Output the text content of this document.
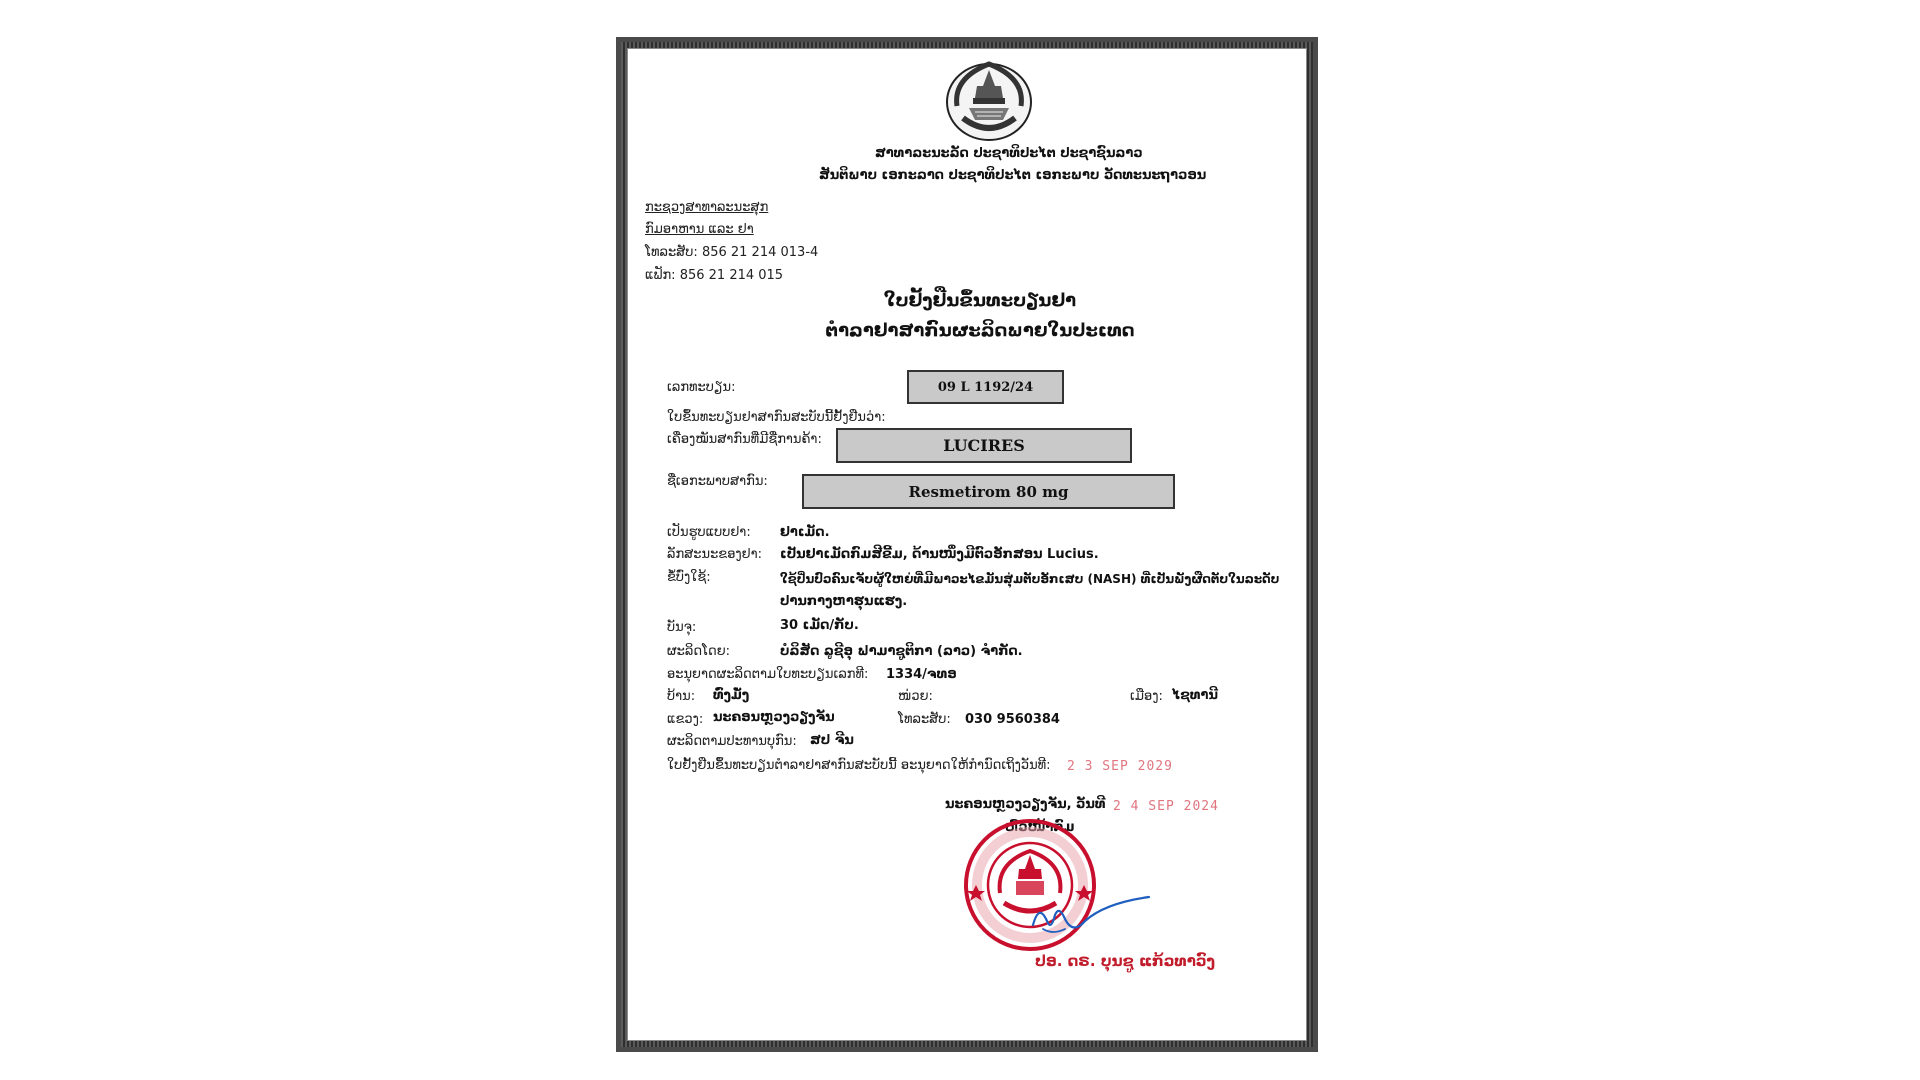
ສາທາລະນະລັດ ປະຊາທິປະໄຕ ປະຊາຊົນລາວ
ສັນຕິພາບ ເອກະລາດ ປະຊາທິປະໄຕ ເອກະພາບ ວັດທະນະຖາວອນ
ກະຊວງສາທາລະນະສຸກ
ກົມອາຫານ ແລະ ຢາ
ໂທລະສັບ: 856 21 214 013-4
ແຟັກ: 856 21 214 015
ໃບຢັ້ງຢືນຂຶ້ນທະບຽນຢາ
ຕຳລາຢາສາກົນຜະລິດພາຍໃນປະເທດ
ເລກທະບຽນ:	09 L 1192/24
ໃບຂຶ້ນທະບຽນຢາສາກົນສະບັບນີ້ຢັ້ງຢືນວ່າ:
ເຄື່ອງໝັນສາກົນທີ່ມີຊື່ການຄ້າ:	LUCIRES
ຊື່ເອກະພາບສາກົນ:
Resmetirom 80 mg
ເປັນຮູບແບບຢາ: ຢາເມັດ.
ລັກສະນະຂອງຢາ: ເປັນຢາເມັດກົມສີຂີ້ມ, ດ້ານໜຶ່ງມີຕົວອັກສອນ Lucius.
ຂໍ້ບົ່ງໃຊ້:	ໃຊ້ປິ່ນປົວຄົນເຈັບຜູ້ໃຫຍ່ທີ່ມີພາວະໄຂມັນສຸ່ມຕັບອັກເສບ (NASH) ທີ່ເປັນພັງຜືດຕັບໃນລະດັບ
ປານກາງຫາຮຸນແຮງ.
ບັນຈຸ:	30 ເມັດ/ກັບ.
ຜະລິດໂດຍ:	ບໍລິສັດ ລູຊີອຸ ຟາມາຊູຕິກາ (ລາວ) ຈຳກັດ.
ອະນຸຍາດຜະລິດຕາມໃບທະບຽນເລກທີ: 1334/ຈທອ
ບ້ານ: ທົ່ງມັ່ງ	ໜ່ວຍ:	ເມືອງ: ໄຊທານີ
ແຂວງ: ນະຄອນຫຼວງວຽງຈັນ	ໂທລະສັບ: 030 9560384
ຜະລິດຕາມປະທານບຸກົນ: ສປ ຈີນ
ໃບຢັ້ງຢືນຂຶ້ນທະບຽນຕຳລາຢາສາກົນສະບັບນີ້ ອະນຸຍາດໃຫ້ກຳນົດເຖິງວັນທີ: 2 3 SEP 2029
ນະຄອນຫຼວງວຽງຈັນ, ວັນທີ 2 4 SEP 2024
ຫົວໜ້າກົມ
ປອ. ດຣ. ບຸນຊູ ແກ້ວທາວົງ
